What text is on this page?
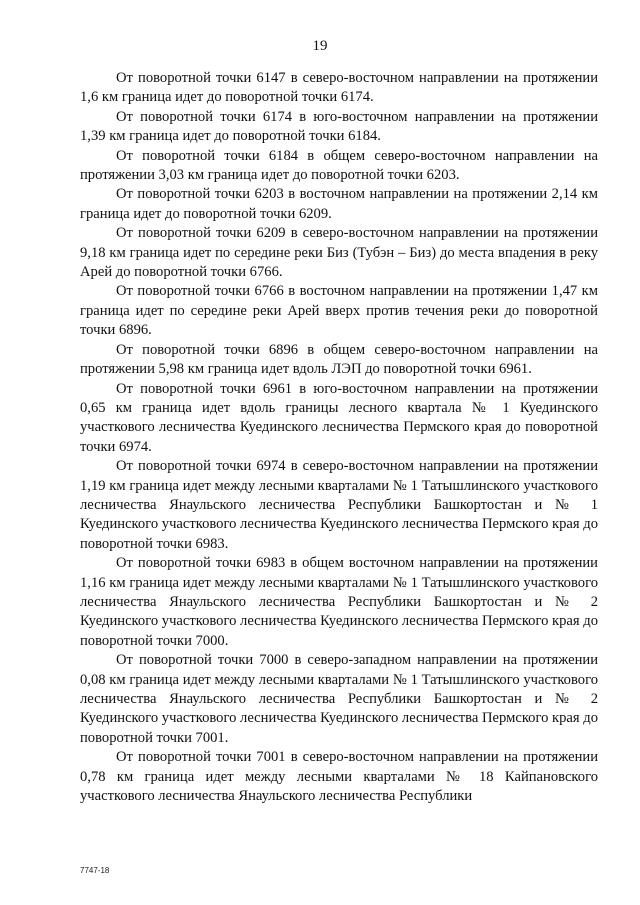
19

От поворотной точки 6147 в северо-восточном направлении на протяжении 1,6 км граница идет до поворотной точки 6174.

От поворотной точки 6174 в юго-восточном направлении на протяжении 1,39 км граница идет до поворотной точки 6184.

От поворотной точки 6184 в общем северо-восточном направлении на протяжении 3,03 км граница идет до поворотной точки 6203.

От поворотной точки 6203 в восточном направлении на протяжении 2,14 км граница идет до поворотной точки 6209.

От поворотной точки 6209 в северо-восточном направлении на протяжении 9,18 км граница идет по середине реки Биз (Тубэн – Биз) до места впадения в реку Арей до поворотной точки 6766.

От поворотной точки 6766 в восточном направлении на протяжении 1,47 км граница идет по середине реки Арей вверх против течения реки до поворотной точки 6896.

От поворотной точки 6896 в общем северо-восточном направлении на протяжении 5,98 км граница идет вдоль ЛЭП до поворотной точки 6961.

От поворотной точки 6961 в юго-восточном направлении на протяжении 0,65 км граница идет вдоль границы лесного квартала № 1 Куединского участкового лесничества Куединского лесничества Пермского края до поворотной точки 6974.

От поворотной точки 6974 в северо-восточном направлении на протяжении 1,19 км граница идет между лесными кварталами № 1 Татышлинского участкового лесничества Янаульского лесничества Республики Башкортостан и № 1 Куединского участкового лесничества Куединского лесничества Пермского края до поворотной точки 6983.

От поворотной точки 6983 в общем восточном направлении на протяжении 1,16 км граница идет между лесными кварталами № 1 Татышлинского участкового лесничества Янаульского лесничества Республики Башкортостан и № 2 Куединского участкового лесничества Куединского лесничества Пермского края до поворотной точки 7000.

От поворотной точки 7000 в северо-западном направлении на протяжении 0,08 км граница идет между лесными кварталами № 1 Татышлинского участкового лесничества Янаульского лесничества Республики Башкортостан и № 2 Куединского участкового лесничества Куединского лесничества Пермского края до поворотной точки 7001.

От поворотной точки 7001 в северо-восточном направлении на протяжении 0,78 км граница идет между лесными кварталами № 18 Кайпановского участкового лесничества Янаульского лесничества Республики

7747-18
